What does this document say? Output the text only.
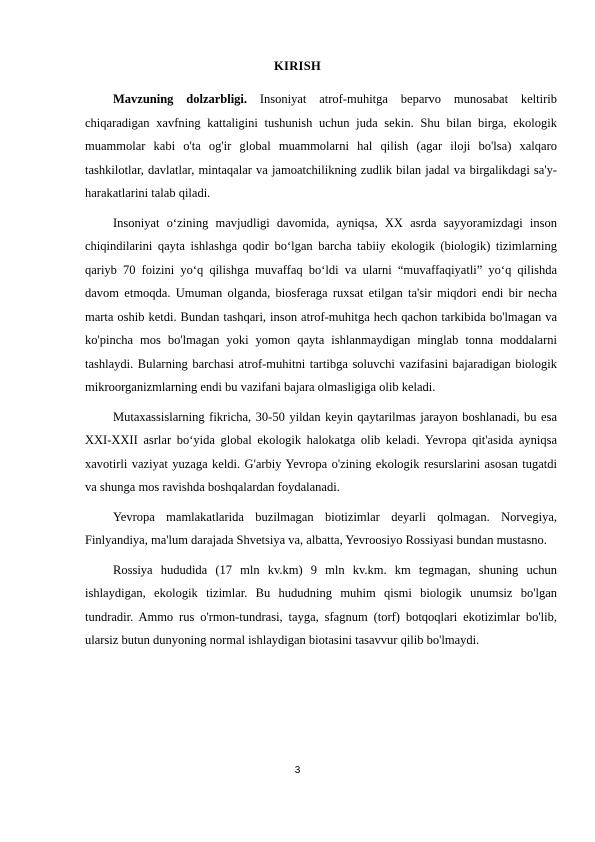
KIRISH

Mavzuning dolzarbligi. Insoniyat atrof-muhitga beparvo munosabat keltirib chiqaradigan xavfning kattaligini tushunish uchun juda sekin. Shu bilan birga, ekologik muammolar kabi o'ta og'ir global muammolarni hal qilish (agar iloji bo'lsa) xalqaro tashkilotlar, davlatlar, mintaqalar va jamoatchilikning zudlik bilan jadal va birgalikdagi sa'y-harakatlarini talab qiladi.

Insoniyat o‘zining mavjudligi davomida, ayniqsa, XX asrda sayyoramizdagi inson chiqindilarini qayta ishlashga qodir bo‘lgan barcha tabiiy ekologik (biologik) tizimlarning qariyb 70 foizini yo‘q qilishga muvaffaq bo‘ldi va ularni “muvaffaqiyatli” yo‘q qilishda davom etmoqda. Umuman olganda, biosferaga ruxsat etilgan ta'sir miqdori endi bir necha marta oshib ketdi. Bundan tashqari, inson atrof-muhitga hech qachon tarkibida bo'lmagan va ko'pincha mos bo'lmagan yoki yomon qayta ishlanmaydigan minglab tonna moddalarni tashlaydi. Bularning barchasi atrof-muhitni tartibga soluvchi vazifasini bajaradigan biologik mikroorganizmlarning endi bu vazifani bajara olmasligiga olib keladi.

Mutaxassislarning fikricha, 30-50 yildan keyin qaytarilmas jarayon boshlanadi, bu esa XXI-XXII asrlar bo‘yida global ekologik halokatga olib keladi. Yevropa qit'asida ayniqsa xavotirli vaziyat yuzaga keldi. G'arbiy Yevropa o'zining ekologik resurslarini asosan tugatdi va shunga mos ravishda boshqalardan foydalanadi.

Yevropa mamlakatlarida buzilmagan biotizimlar deyarli qolmagan. Norvegiya, Finlyandiya, ma'lum darajada Shvetsiya va, albatta, Yevroosiyo Rossiyasi bundan mustasno.

Rossiya hududida (17 mln kv.km) 9 mln kv.km. km tegmagan, shuning uchun ishlaydigan, ekologik tizimlar. Bu hududning muhim qismi biologik unumsiz bo'lgan tundradir. Ammo rus o'rmon-tundrasi, tayga, sfagnum (torf) botqoqlari ekotizimlar bo'lib, ularsiz butun dunyoning normal ishlaydigan biotasini tasavvur qilib bo'lmaydi.

3
